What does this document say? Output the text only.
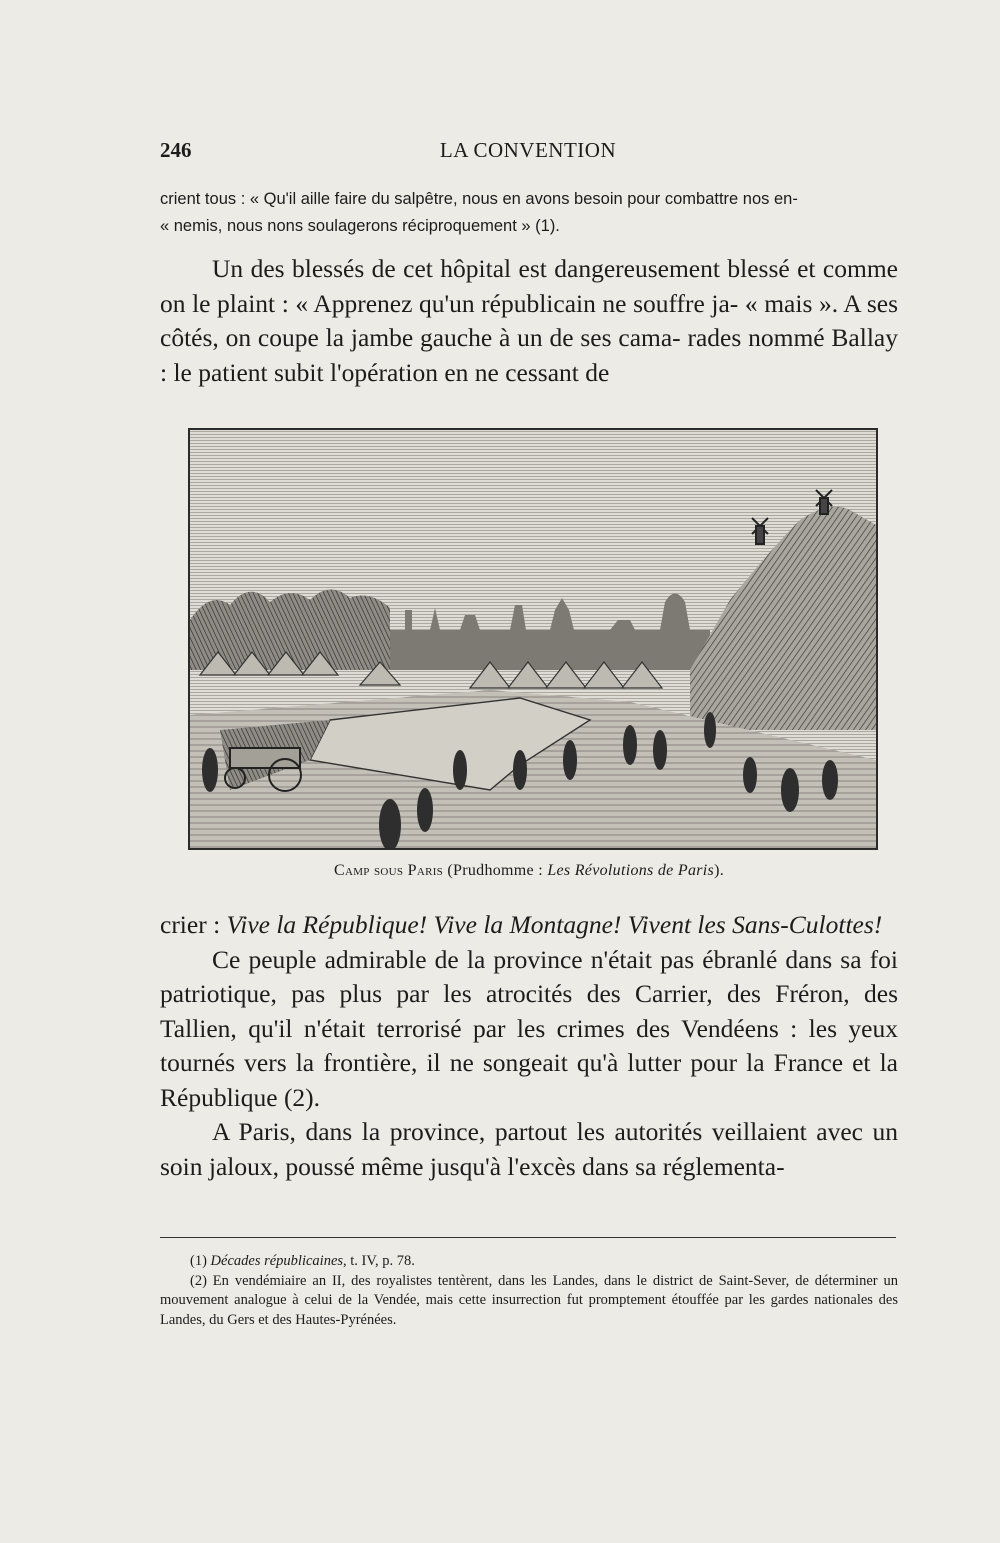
246	LA CONVENTION
crient tous : « Qu'il aille faire du salpêtre, nous en avons besoin pour combattre nos en-
« nemis, nous nons soulagerons réciproquement » (1).
Un des blessés de cet hôpital est dangereusement blessé et comme on le plaint : « Apprenez qu'un républicain ne souffre ja- « mais ». A ses côtés, on coupe la jambe gauche à un de ses cama- rades nommé Ballay : le patient subit l'opération en ne cessant de
Camp sous Paris (Prudhomme : Les Révolutions de Paris).

crier : Vive la République! Vive la Montagne! Vivent les Sans-Culottes!

Ce peuple admirable de la province n'était pas ébranlé dans sa foi patriotique, pas plus par les atrocités des Carrier, des Fréron, des Tallien, qu'il n'était terrorisé par les crimes des Vendéens : les yeux tournés vers la frontière, il ne songeait qu'à lutter pour la France et la République (2).

A Paris, dans la province, partout les autorités veillaient avec un soin jaloux, poussé même jusqu'à l'excès dans sa réglementa-

(1) Décades républicaines, t. IV, p. 78.

(2) En vendémiaire an II, des royalistes tentèrent, dans les Landes, dans le district de Saint-Sever, de déterminer un mouvement analogue à celui de la Vendée, mais cette insurrection fut promptement étouffée par les gardes nationales des Landes, du Gers et des Hautes-Pyrénées.
